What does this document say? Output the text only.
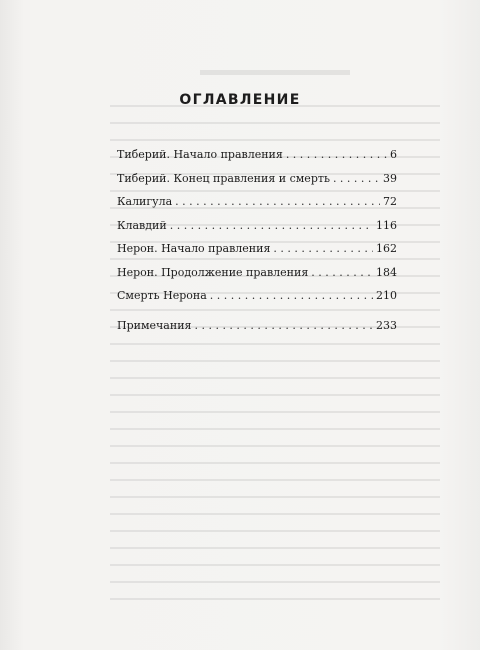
ОГЛАВЛЕНИЕ
Тиберий. Начало правления . . .	6
Тиберий. Конец правления и смерть . . .	39
Калигула . . .	72
Клавдий . . .	116
Нерон. Начало правления . . .	162
Нерон. Продолжение правления . . .	184
Смерть Нерона . . .	210
Примечания . . .	233
